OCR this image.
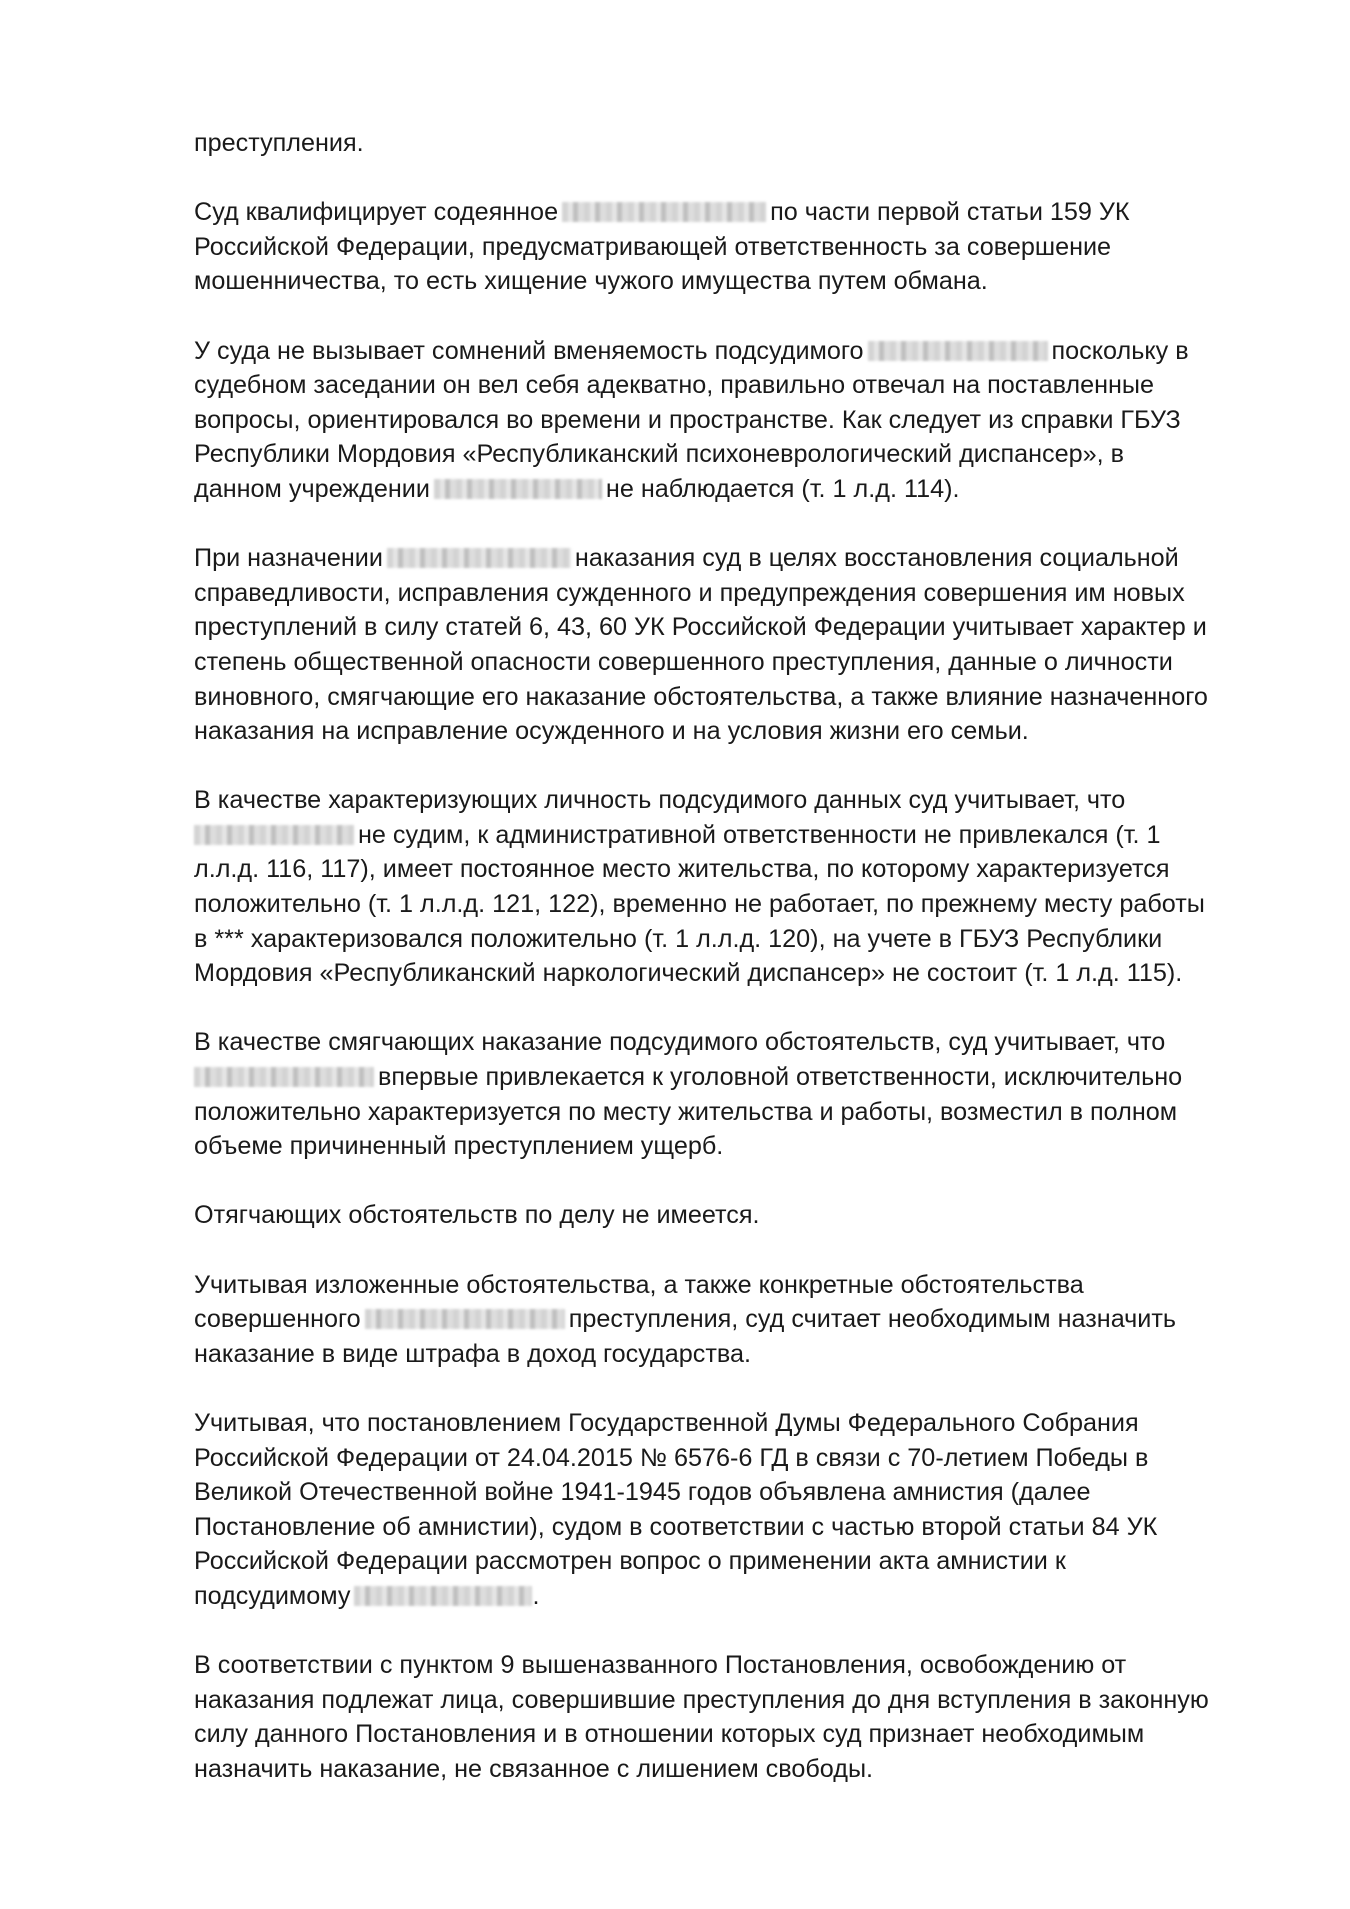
преступления.
Суд квалифицирует содеянное	по части первой статьи 159 УК
Российской Федерации, предусматривающей ответственность за совершение
мошенничества, то есть хищение чужого имущества путем обмана.
У суда не вызывает сомнений вменяемость подсудимого	поскольку в
судебном заседании он вел себя адекватно, правильно отвечал на поставленные
вопросы, ориентировался во времени и пространстве. Как следует из справки ГБУЗ
Республики Мордовия «Республиканский психоневрологический диспансер», в
данном учреждении	не наблюдается (т. 1 л.д. 114).
При назначении	наказания суд в целях восстановления социальной
справедливости, исправления сужденного и предупреждения совершения им новых
преступлений в силу статей 6, 43, 60 УК Российской Федерации учитывает характер и
степень общественной опасности совершенного преступления, данные о личности
виновного, смягчающие его наказание обстоятельства, а также влияние назначенного
наказания на исправление осужденного и на условия жизни его семьи.
В качестве характеризующих личность подсудимого данных суд учитывает, что
не судим, к административной ответственности не привлекался (т. 1
л.л.д. 116, 117), имеет постоянное место жительства, по которому характеризуется
положительно (т. 1 л.л.д. 121, 122), временно не работает, по прежнему месту работы
в *** характеризовался положительно (т. 1 л.л.д. 120), на учете в ГБУЗ Республики
Мордовия «Республиканский наркологический диспансер» не состоит (т. 1 л.д. 115).
В качестве смягчающих наказание подсудимого обстоятельств, суд учитывает, что
впервые привлекается к уголовной ответственности, исключительно
положительно характеризуется по месту жительства и работы, возместил в полном
объеме причиненный преступлением ущерб.
Отягчающих обстоятельств по делу не имеется.
Учитывая изложенные обстоятельства, а также конкретные обстоятельства
совершенного	преступления, суд считает необходимым назначить
наказание в виде штрафа в доход государства.
Учитывая, что постановлением Государственной Думы Федерального Собрания
Российской Федерации от 24.04.2015 № 6576-6 ГД в связи с 70-летием Победы в
Великой Отечественной войне 1941-1945 годов объявлена амнистия (далее
Постановление об амнистии), судом в соответствии с частью второй статьи 84 УК
Российской Федерации рассмотрен вопрос о применении акта амнистии к
подсудимому	.
В соответствии с пунктом 9 вышеназванного Постановления, освобождению от
наказания подлежат лица, совершившие преступления до дня вступления в законную
силу данного Постановления и в отношении которых суд признает необходимым
назначить наказание, не связанное с лишением свободы.
